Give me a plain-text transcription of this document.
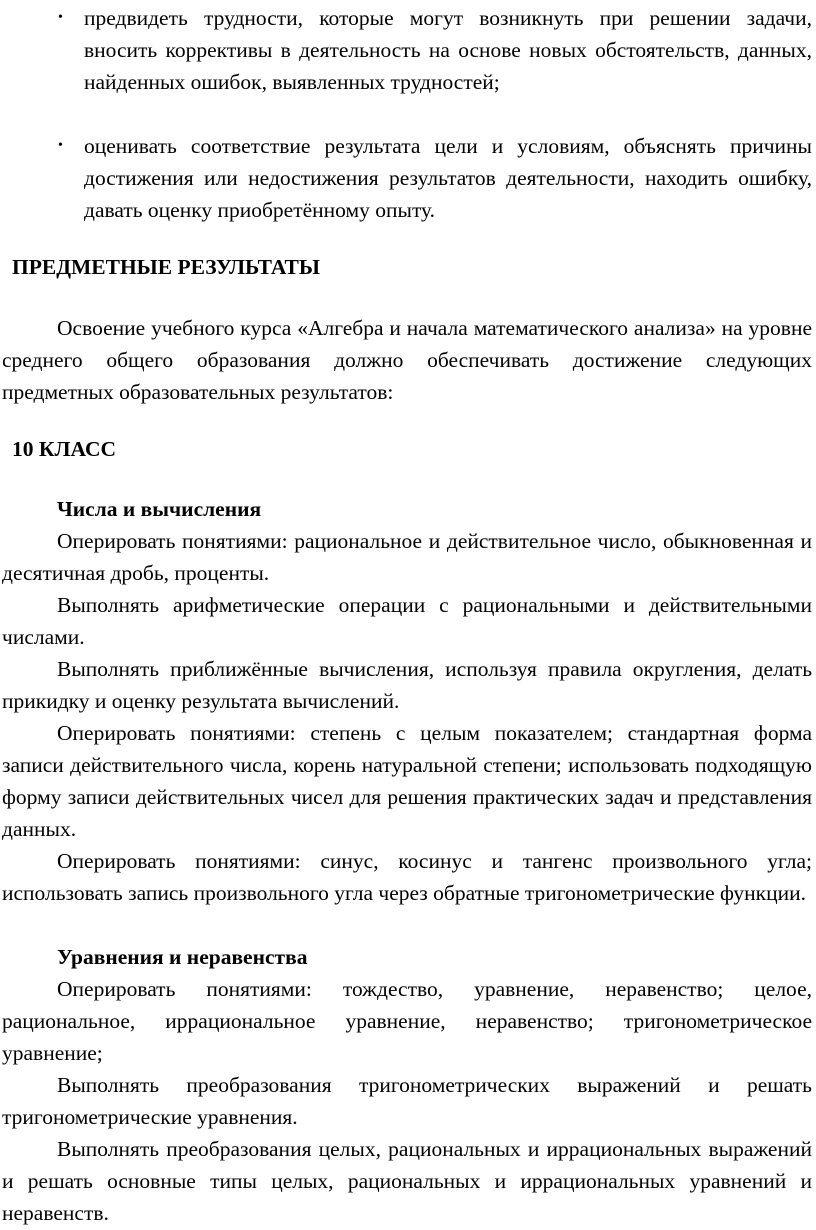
• предвидеть трудности, которые могут возникнуть при решении задачи, вносить коррективы в деятельность на основе новых обстоятельств, данных, найденных ошибок, выявленных трудностей;
• оценивать соответствие результата цели и условиям, объяснять причины достижения или недостижения результатов деятельности, находить ошибку, давать оценку приобретённому опыту.
ПРЕДМЕТНЫЕ РЕЗУЛЬТАТЫ
Освоение учебного курса «Алгебра и начала математического анализа» на уровне среднего общего образования должно обеспечивать достижение следующих предметных образовательных результатов:
10 КЛАСС
Числа и вычисления
Оперировать понятиями: рациональное и действительное число, обыкновенная и десятичная дробь, проценты.
Выполнять арифметические операции с рациональными и действительными числами.
Выполнять приближённые вычисления, используя правила округления, делать прикидку и оценку результата вычислений.
Оперировать понятиями: степень с целым показателем; стандартная форма записи действительного числа, корень натуральной степени; использовать подходящую форму записи действительных чисел для решения практических задач и представления данных.
Оперировать понятиями: синус, косинус и тангенс произвольного угла; использовать запись произвольного угла через обратные тригонометрические функции.
Уравнения и неравенства
Оперировать понятиями: тождество, уравнение, неравенство; целое, рациональное, иррациональное уравнение, неравенство; тригонометрическое уравнение;
Выполнять преобразования тригонометрических выражений и решать тригонометрические уравнения.
Выполнять преобразования целых, рациональных и иррациональных выражений и решать основные типы целых, рациональных и иррациональных уравнений и неравенств.
